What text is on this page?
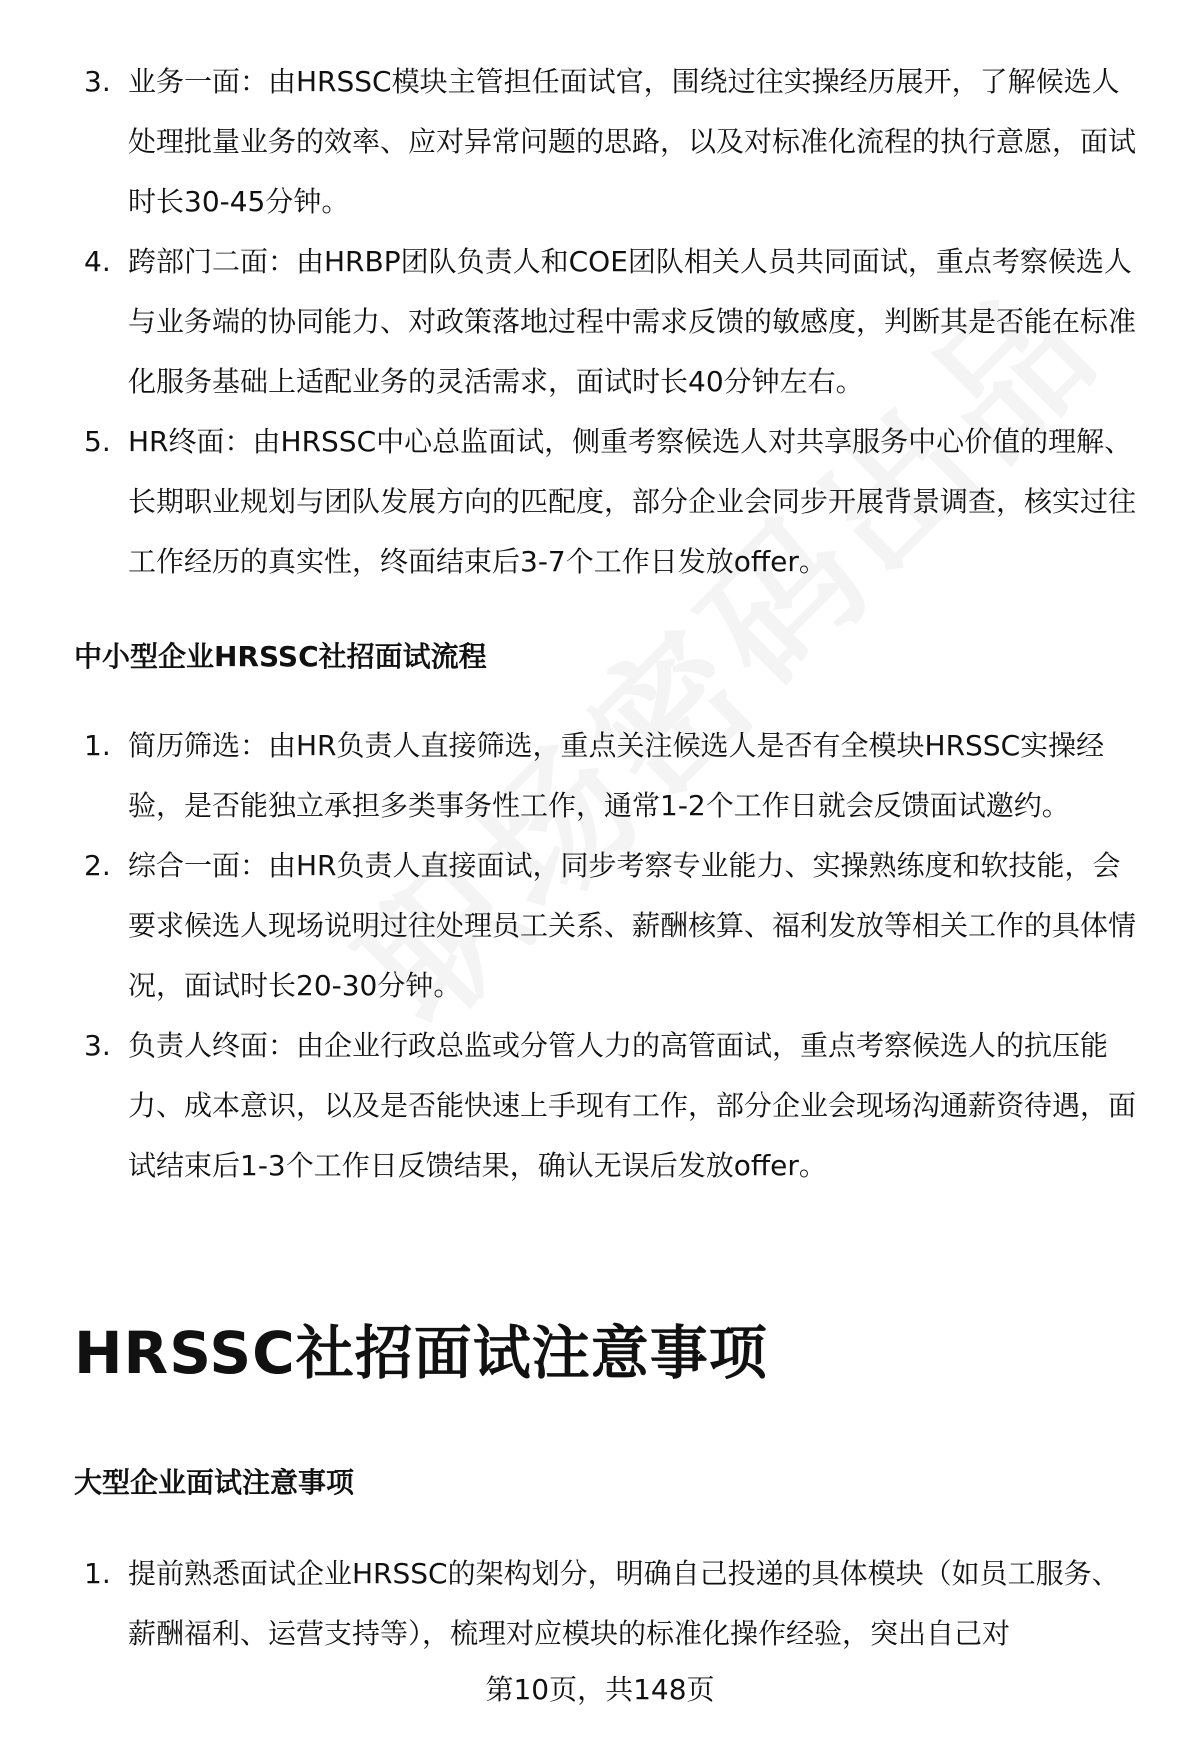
3. 业务一面：由HRSSC模块主管担任面试官，围绕过往实操经历展开，了解候选人处理批量业务的效率、应对异常问题的思路，以及对标准化流程的执行意愿，面试时长30-45分钟。
4. 跨部门二面：由HRBP团队负责人和COE团队相关人员共同面试，重点考察候选人与业务端的协同能力、对政策落地过程中需求反馈的敏感度，判断其是否能在标准化服务基础上适配业务的灵活需求，面试时长40分钟左右。
5. HR终面：由HRSSC中心总监面试，侧重考察候选人对共享服务中心价值的理解、长期职业规划与团队发展方向的匹配度，部分企业会同步开展背景调查，核实过往工作经历的真实性，终面结束后3-7个工作日发放offer。
中小型企业HRSSC社招面试流程
1. 简历筛选：由HR负责人直接筛选，重点关注候选人是否有全模块HRSSC实操经验，是否能独立承担多类事务性工作，通常1-2个工作日就会反馈面试邀约。
2. 综合一面：由HR负责人直接面试，同步考察专业能力、实操熟练度和软技能，会要求候选人现场说明过往处理员工关系、薪酬核算、福利发放等相关工作的具体情况，面试时长20-30分钟。
3. 负责人终面：由企业行政总监或分管人力的高管面试，重点考察候选人的抗压能力、成本意识，以及是否能快速上手现有工作，部分企业会现场沟通薪资待遇，面试结束后1-3个工作日反馈结果，确认无误后发放offer。
HRSSC社招面试注意事项
大型企业面试注意事项
1. 提前熟悉面试企业HRSSC的架构划分，明确自己投递的具体模块（如员工服务、薪酬福利、运营支持等），梳理对应模块的标准化操作经验，突出自己对
第10页，共148页
